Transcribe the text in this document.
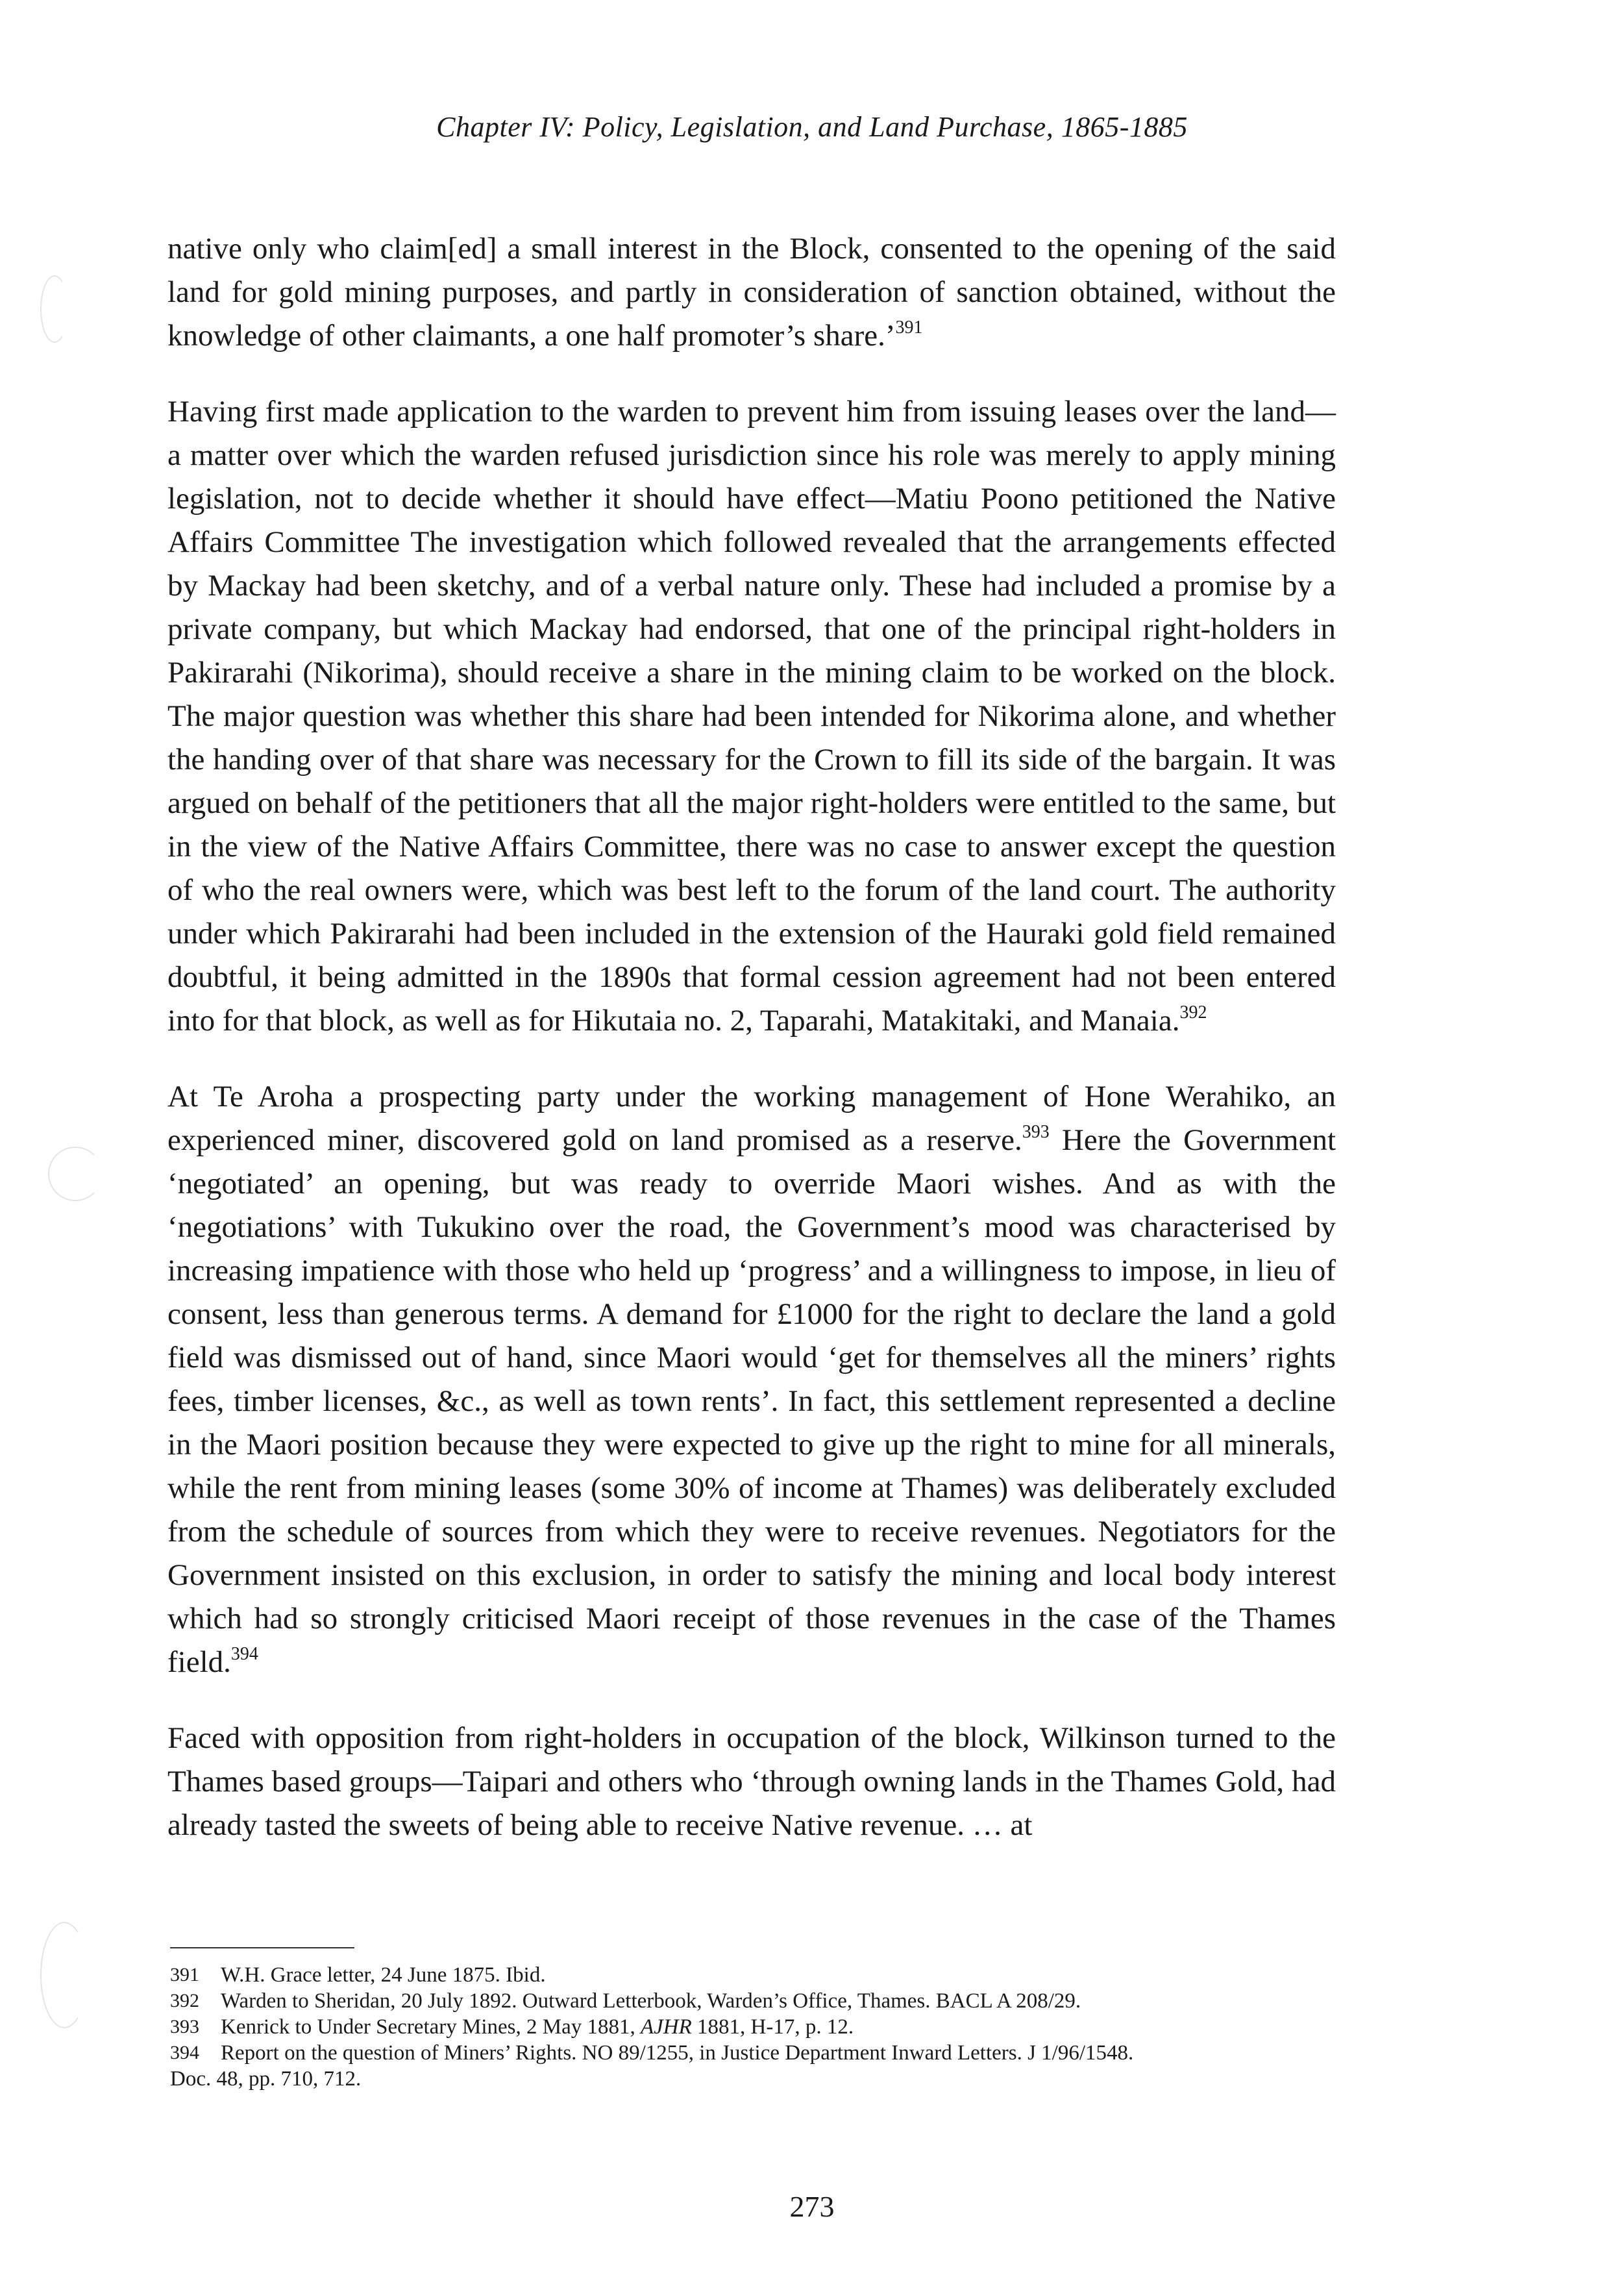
Chapter IV: Policy, Legislation, and Land Purchase, 1865-1885

native only who claim[ed] a small interest in the Block, consented to the opening of the said land for gold mining purposes, and partly in consideration of sanction obtained, without the knowledge of other claimants, a one half promoter’s share.’$^{391}$

Having first made application to the warden to prevent him from issuing leases over the land—a matter over which the warden refused jurisdiction since his role was merely to apply mining legislation, not to decide whether it should have effect—Matiu Poono petitioned the Native Affairs Committee The investigation which followed revealed that the arrangements effected by Mackay had been sketchy, and of a verbal nature only. These had included a promise by a private company, but which Mackay had endorsed, that one of the principal right-holders in Pakirarahi (Nikorima), should receive a share in the mining claim to be worked on the block. The major question was whether this share had been intended for Nikorima alone, and whether the handing over of that share was necessary for the Crown to fill its side of the bargain. It was argued on behalf of the petitioners that all the major right-holders were entitled to the same, but in the view of the Native Affairs Committee, there was no case to answer except the question of who the real owners were, which was best left to the forum of the land court. The authority under which Pakirarahi had been included in the extension of the Hauraki gold field remained doubtful, it being admitted in the 1890s that formal cession agreement had not been entered into for that block, as well as for Hikutaia no. 2, Taparahi, Matakitaki, and Manaia.$^{392}$

At Te Aroha a prospecting party under the working management of Hone Werahiko, an experienced miner, discovered gold on land promised as a reserve.$^{393}$ Here the Government ‘negotiated’ an opening, but was ready to override Maori wishes. And as with the ‘negotiations’ with Tukukino over the road, the Government’s mood was characterised by increasing impatience with those who held up ‘progress’ and a willingness to impose, in lieu of consent, less than generous terms. A demand for £1000 for the right to declare the land a gold field was dismissed out of hand, since Maori would ‘get for themselves all the miners’ rights fees, timber licenses, &c., as well as town rents’. In fact, this settlement represented a decline in the Maori position because they were expected to give up the right to mine for all minerals, while the rent from mining leases (some 30% of income at Thames) was deliberately excluded from the schedule of sources from which they were to receive revenues. Negotiators for the Government insisted on this exclusion, in order to satisfy the mining and local body interest which had so strongly criticised Maori receipt of those revenues in the case of the Thames field.$^{394}$

Faced with opposition from right-holders in occupation of the block, Wilkinson turned to the Thames based groups—Taipari and others who ‘through owning lands in the Thames Gold, had already tasted the sweets of being able to receive Native revenue. … at

391	W.H. Grace letter, 24 June 1875. Ibid.
392	Warden to Sheridan, 20 July 1892. Outward Letterbook, Warden’s Office, Thames. BACL A 208/29.
393	Kenrick to Under Secretary Mines, 2 May 1881, AJHR 1881, H-17, p. 12.
394	Report on the question of Miners’ Rights. NO 89/1255, in Justice Department Inward Letters. J 1/96/1548.
Doc. 48, pp. 710, 712.
273
